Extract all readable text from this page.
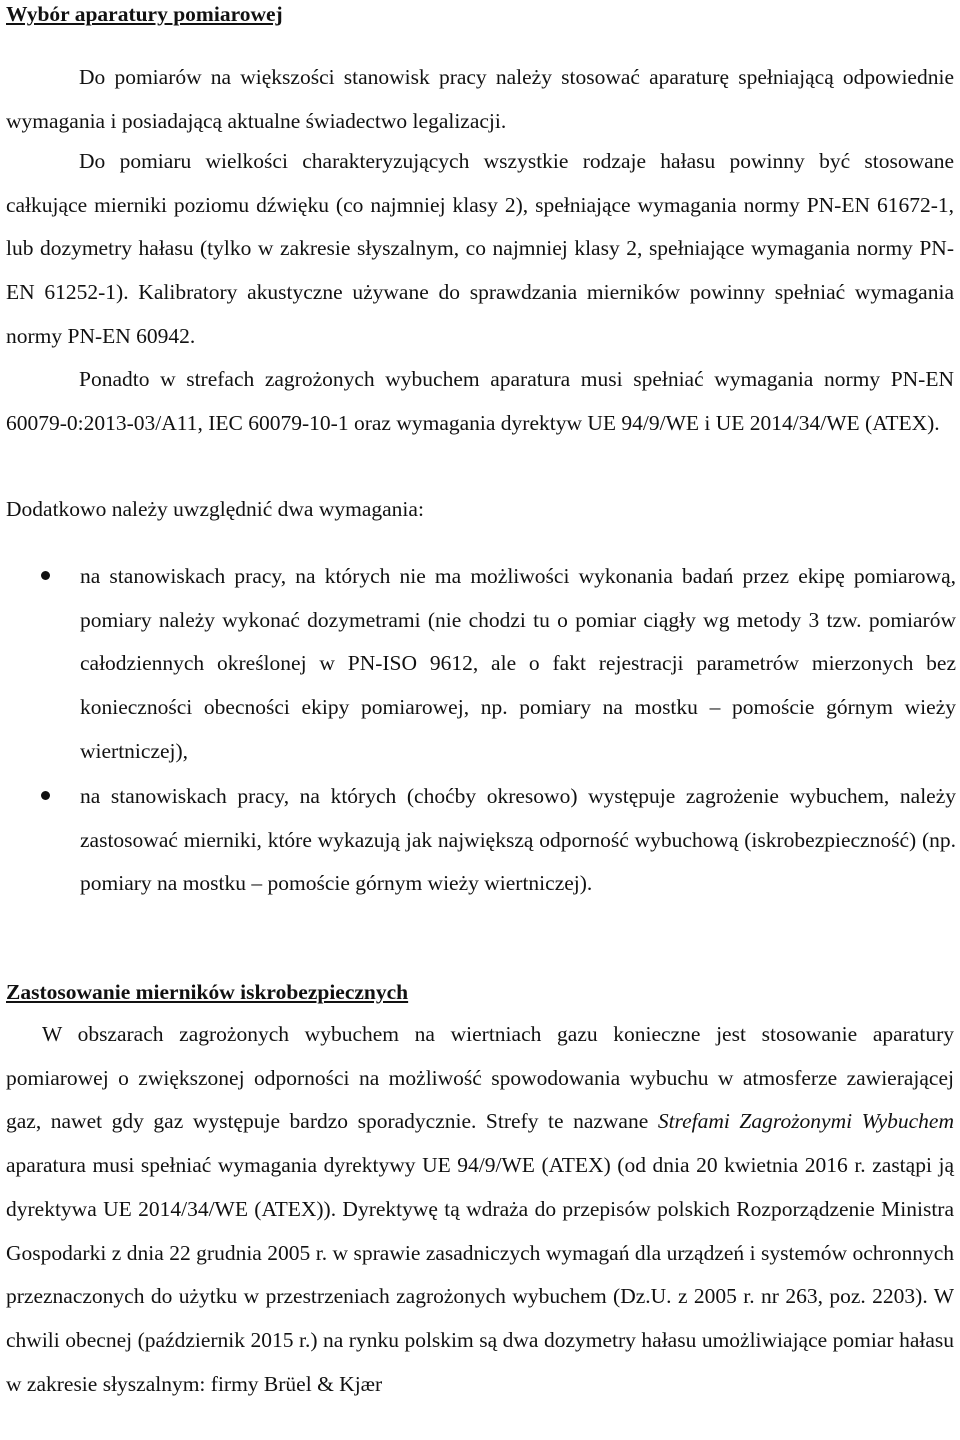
Wybór aparatury pomiarowej
Do pomiarów na większości stanowisk pracy należy stosować aparaturę spełniającą odpowiednie wymagania i posiadającą aktualne świadectwo legalizacji.
Do pomiaru wielkości charakteryzujących wszystkie rodzaje hałasu powinny być stosowane całkujące mierniki poziomu dźwięku (co najmniej klasy 2), spełniające wymagania normy PN-EN 61672-1, lub dozymetry hałasu (tylko w zakresie słyszalnym, co najmniej klasy 2, spełniające wymagania normy PN-EN 61252-1). Kalibratory akustyczne używane do sprawdzania mierników powinny spełniać wymagania normy PN-EN 60942.
Ponadto w strefach zagrożonych wybuchem aparatura musi spełniać wymagania normy PN-EN 60079-0:2013-03/A11, IEC 60079-10-1 oraz wymagania dyrektyw UE 94/9/WE i UE 2014/34/WE (ATEX).
Dodatkowo należy uwzględnić dwa wymagania:
na stanowiskach pracy, na których nie ma możliwości wykonania badań przez ekipę pomiarową, pomiary należy wykonać dozymetrami (nie chodzi tu o pomiar ciągły wg metody 3 tzw. pomiarów całodziennych określonej w PN-ISO 9612, ale o fakt rejestracji parametrów mierzonych bez konieczności obecności ekipy pomiarowej, np. pomiary na mostku – pomoście górnym wieży wiertniczej),
na stanowiskach pracy, na których (choćby okresowo) występuje zagrożenie wybuchem, należy zastosować mierniki, które wykazują jak największą odporność wybuchową (iskrobezpieczność) (np. pomiary na mostku – pomoście górnym wieży wiertniczej).
Zastosowanie mierników iskrobezpiecznych
W obszarach zagrożonych wybuchem na wiertniach gazu konieczne jest stosowanie aparatury pomiarowej o zwiększonej odporności na możliwość spowodowania wybuchu w atmosferze zawierającej gaz, nawet gdy gaz występuje bardzo sporadycznie. Strefy te nazwane Strefami Zagrożonymi Wybuchem aparatura musi spełniać wymagania dyrektywy UE 94/9/WE (ATEX) (od dnia 20 kwietnia 2016 r. zastąpi ją dyrektywa UE 2014/34/WE (ATEX)). Dyrektywę tą wdraża do przepisów polskich Rozporządzenie Ministra Gospodarki z dnia 22 grudnia 2005 r. w sprawie zasadniczych wymagań dla urządzeń i systemów ochronnych przeznaczonych do użytku w przestrzeniach zagrożonych wybuchem (Dz.U. z 2005 r. nr 263, poz. 2203). W chwili obecnej (październik 2015 r.) na rynku polskim są dwa dozymetry hałasu umożliwiające pomiar hałasu w zakresie słyszalnym: firmy Brüel & Kjær
